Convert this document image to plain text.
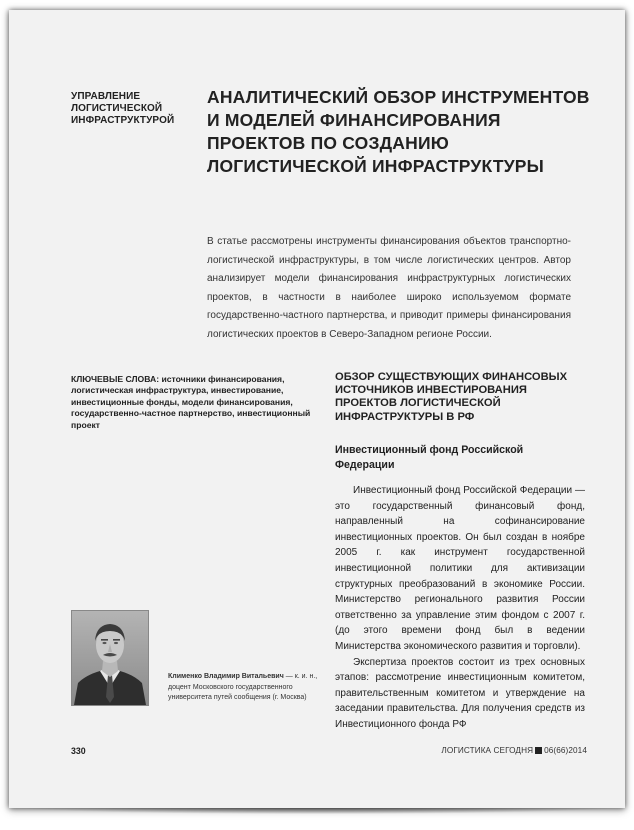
УПРАВЛЕНИЕ ЛОГИСТИЧЕСКОЙ ИНФРАСТРУКТУРОЙ
АНАЛИТИЧЕСКИЙ ОБЗОР ИНСТРУМЕНТОВ И МОДЕЛЕЙ ФИНАНСИРОВАНИЯ ПРОЕКТОВ ПО СОЗДАНИЮ ЛОГИСТИЧЕСКОЙ ИНФРАСТРУКТУРЫ
В статье рассмотрены инструменты финансирования объектов транспортно-логистической инфраструктуры, в том числе логистических центров. Автор анализирует модели финансирования инфраструктурных логистических проектов, в частности в наиболее широко используемом формате государственно-частного партнерства, и приводит примеры финансирования логистических проектов в Северо-Западном регионе России.
КЛЮЧЕВЫЕ СЛОВА: источники финансирования, логистическая инфраструктура, инвестирование, инвестиционные фонды, модели финансирования, государственно-частное партнерство, инвестиционный проект
ОБЗОР СУЩЕСТВУЮЩИХ ФИНАНСОВЫХ ИСТОЧНИКОВ ИНВЕСТИРОВАНИЯ ПРОЕКТОВ ЛОГИСТИЧЕСКОЙ ИНФРАСТРУКТУРЫ В РФ
Инвестиционный фонд Российской Федерации

Инвестиционный фонд Российской Федерации — это государственный финансовый фонд, направленный на софинансирование инвестиционных проектов. Он был создан в ноябре 2005 г. как инструмент государственной инвестиционной политики для активизации структурных преобразований в экономике России. Министерство регионального развития России ответственно за управление этим фондом с 2007 г. (до этого времени фонд был в ведении Министерства экономического развития и торговли).

Экспертиза проектов состоит из трех основных этапов: рассмотрение инвестиционным комитетом, правительственным комитетом и утверждение на заседании правительства. Для получения средств из Инвестиционного фонда РФ

Клименко Владимир Витальевич — к. и. н., доцент Московского государственного университета путей сообщения (г. Москва)
330	ЛОГИСТИКА СЕГОДНЯ 06(66)2014
